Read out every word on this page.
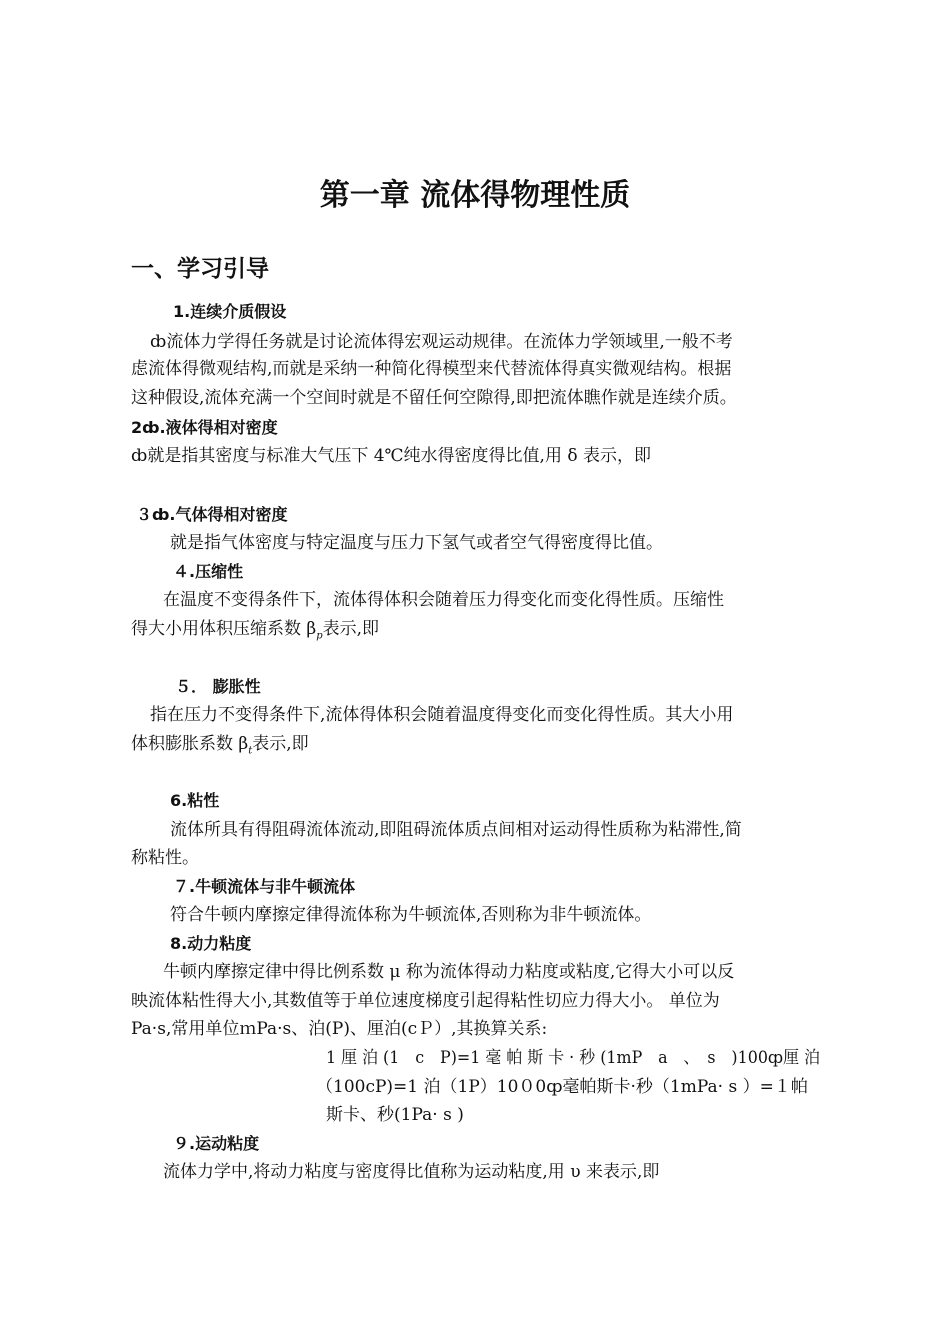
第一章 流体得物理性质
一、学习引导
1.连续介质假设
ȸ流体力学得任务就是讨论流体得宏观运动规律。在流体力学领域里,一般不考
虑流体得微观结构,而就是采纳一种简化得模型来代替流体得真实微观结构。根据
这种假设,流体充满一个空间时就是不留任何空隙得,即把流体瞧作就是连续介质。
2ȸ.液体得相对密度
ȸ就是指其密度与标准大气压下 4℃纯水得密度得比值,用 δ 表示，即
３ȸ.气体得相对密度
就是指气体密度与特定温度与压力下氢气或者空气得密度得比值。
４.压缩性
在温度不变得条件下，流体得体积会随着压力得变化而变化得性质。压缩性
得大小用体积压缩系数 $\beta_p$表示,即
５． 膨胀性
指在压力不变得条件下,流体得体积会随着温度得变化而变化得性质。其大小用
体积膨胀系数 $\beta_t$表示,即
6.粘性
流体所具有得阻碍流体流动,即阻碍流体质点间相对运动得性质称为粘滞性,简
称粘性。
７.牛顿流体与非牛顿流体
符合牛顿内摩擦定律得流体称为牛顿流体,否则称为非牛顿流体。
8.动力粘度
牛顿内摩擦定律中得比例系数 μ 称为流体得动力粘度或粘度,它得大小可以反
映流体粘性得大小,其数值等于单位速度梯度引起得粘性切应力得大小。 单位为
Pa·s,常用单位ｍPa·s、泊(P)、厘泊(cＰ）,其换算关系:
1 厘 泊 (1　c　P)=1 毫 帕 斯 卡 · 秒 (1mP　a　、　s　)100ȹ厘 泊
（100cP)=1 泊（1P）10０0ȹ毫帕斯卡·秒（1mPa· s ）=１帕
斯卡、秒(1Pa· s )
９.运动粘度
流体力学中,将动力粘度与密度得比值称为运动粘度,用 υ 来表示,即
